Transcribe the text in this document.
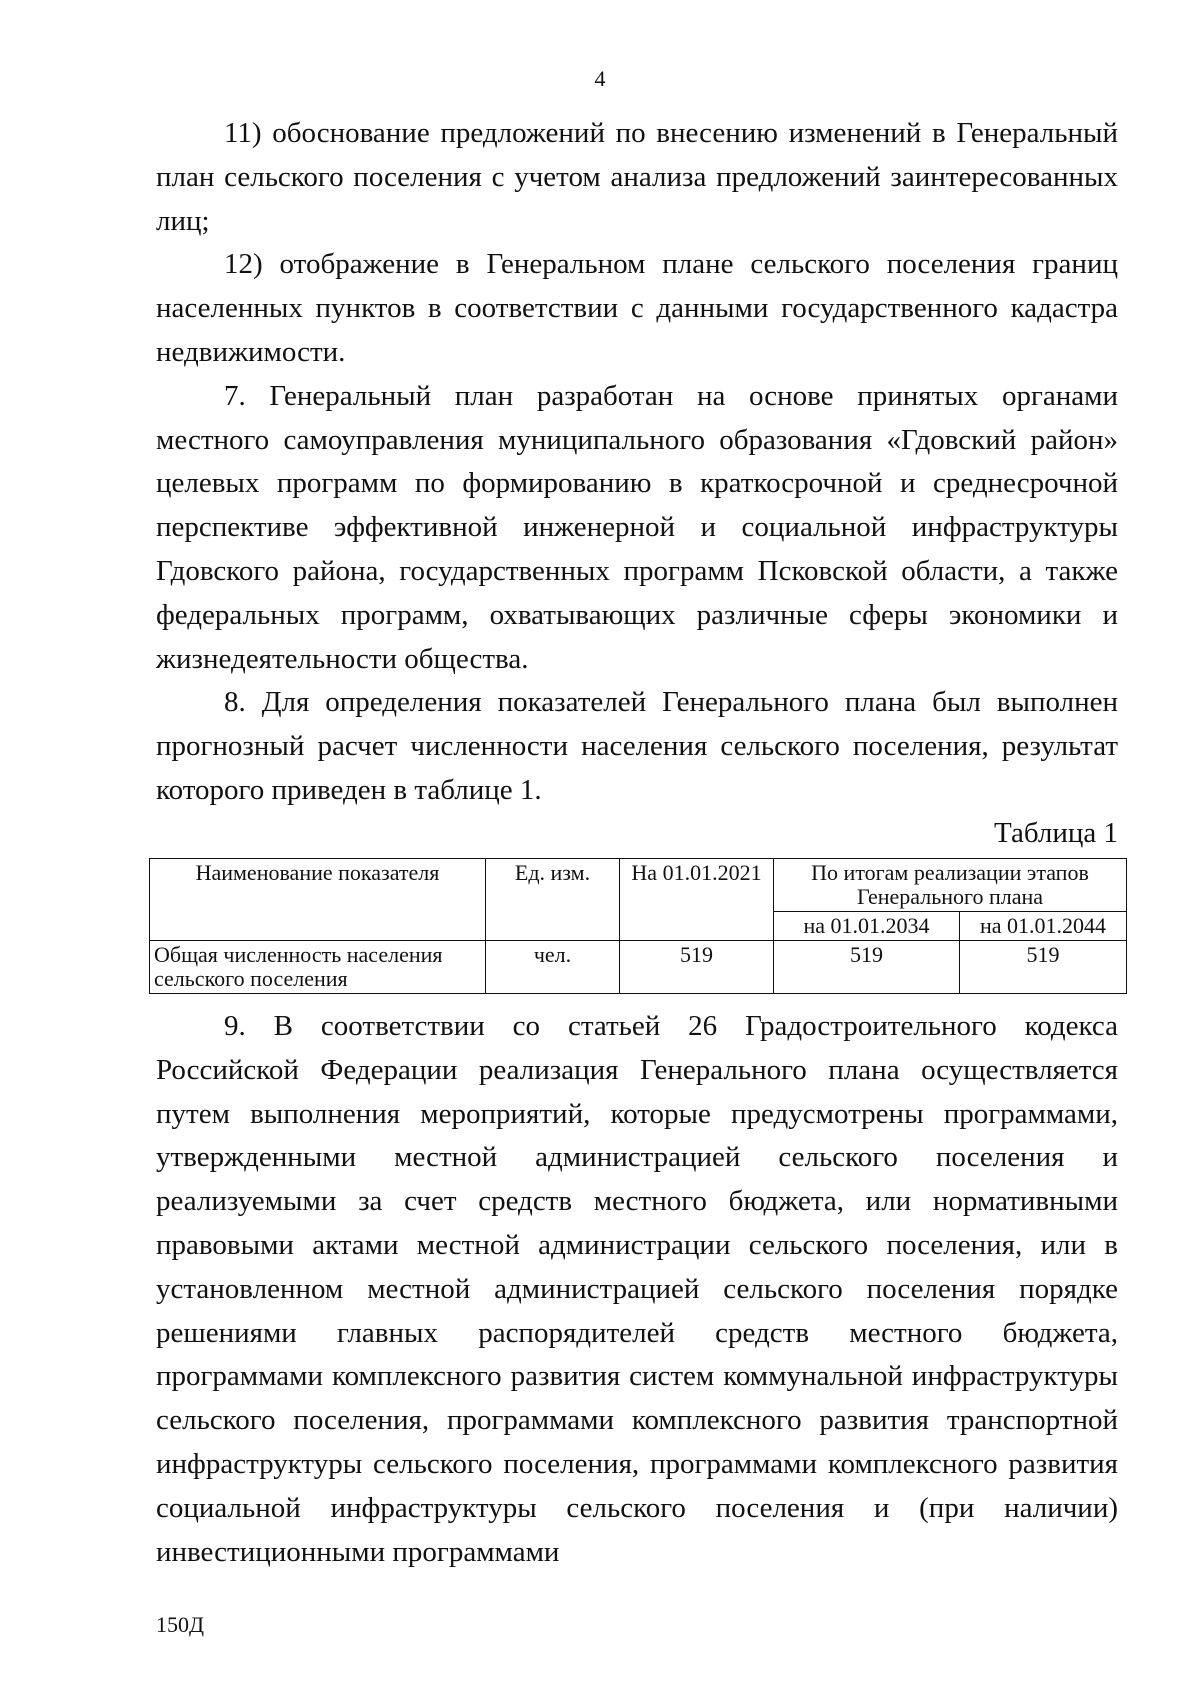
4

11) обоснование предложений по внесению изменений в Генеральный план сельского поселения с учетом анализа предложений заинтересованных лиц;

12) отображение в Генеральном плане сельского поселения границ населенных пунктов в соответствии с данными государственного кадастра недвижимости.

7. Генеральный план разработан на основе принятых органами местного самоуправления муниципального образования «Гдовский район» целевых программ по формированию в краткосрочной и среднесрочной перспективе эффективной инженерной и социальной инфраструктуры Гдовского района, государственных программ Псковской области, а также федеральных программ, охватывающих различные сферы экономики и жизнедеятельности общества.

8. Для определения показателей Генерального плана был выполнен прогнозный расчет численности населения сельского поселения, результат которого приведен в таблице 1.

Таблица 1
Наименование показателя	Ед. изм.	На 01.01.2021	По итогам реализации этапов Генерального плана	
			на 01.01.2034	на 01.01.2044
Общая численность населения сельского поселения	чел.	519	519	519

9. В соответствии со статьей 26 Градостроительного кодекса Российской Федерации реализация Генерального плана осуществляется путем выполнения мероприятий, которые предусмотрены программами, утвержденными местной администрацией сельского поселения и реализуемыми за счет средств местного бюджета, или нормативными правовыми актами местной администрации сельского поселения, или в установленном местной администрацией сельского поселения порядке решениями главных распорядителей средств местного бюджета, программами комплексного развития систем коммунальной инфраструктуры сельского поселения, программами комплексного развития транспортной инфраструктуры сельского поселения, программами комплексного развития социальной инфраструктуры сельского поселения и (при наличии) инвестиционными программами

150Д
